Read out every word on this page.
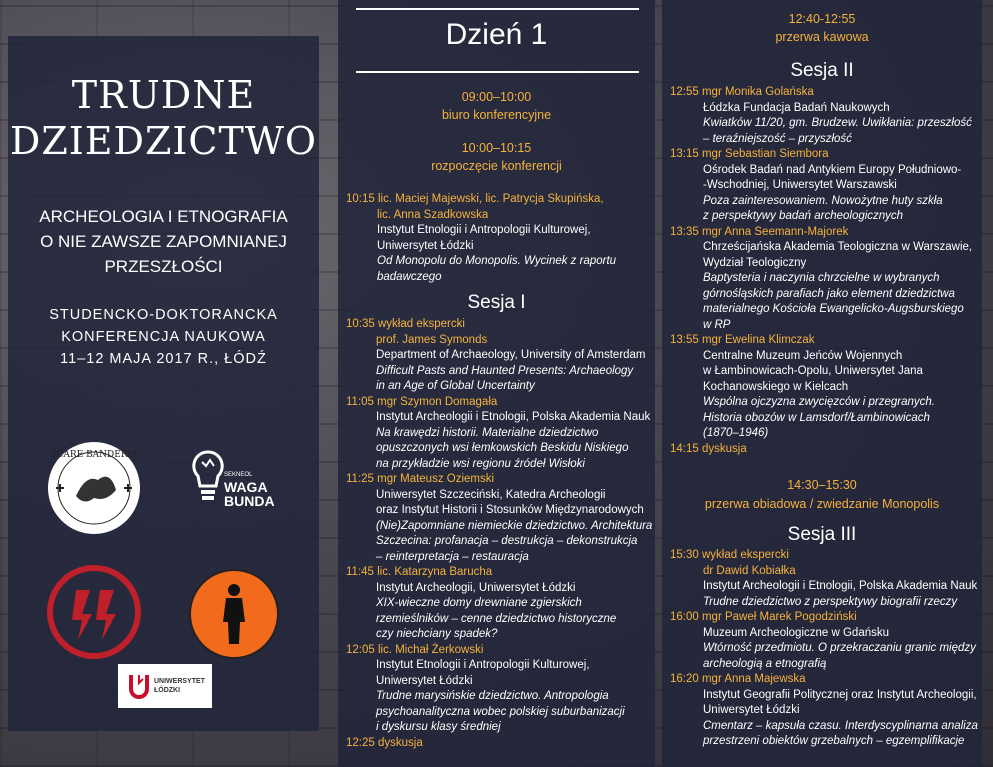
TRUDNE
DZIEDZICTWO
ARCHEOLOGIA I ETNOGRAFIA
O NIE ZAWSZE ZAPOMNIANEJ
PRZESZŁOŚCI
STUDENCKO-DOKTORANCKA
KONFERENCJA NAUKOWA
11–12 MAJA 2017 R., ŁÓDŹ
SCARE BANDERIA
SEKNEOL
WAGA
BUNDA
UNIWERSYTET
ŁÓDZKI
Dzień 1
09:00–10:00
biuro konferencyjne
10:00–10:15
rozpoczęcie konferencji
10:15 lic. Maciej Majewski, lic. Patrycja Skupińska,
lic. Anna Szadkowska
Instytut Etnologii i Antropologii Kulturowej,
Uniwersytet Łódzki
Od Monopolu do Monopolis. Wycinek z raportu
badawczego
Sesja I
10:35 wykład ekspercki
prof. James Symonds
Department of Archaeology, University of Amsterdam
Difficult Pasts and Haunted Presents: Archaeology
in an Age of Global Uncertainty
11:05 mgr Szymon Domagała
Instytut Archeologii i Etnologii, Polska Akademia Nauk
Na krawędzi historii. Materialne dziedzictwo
opuszczonych wsi łemkowskich Beskidu Niskiego
na przykładzie wsi regionu źródeł Wisłoki
11:25 mgr Mateusz Oziemski
Uniwersytet Szczeciński, Katedra Archeologii
oraz Instytut Historii i Stosunków Międzynarodowych
(Nie)Zapomniane niemieckie dziedzictwo. Architektura
Szczecina: profanacja – destrukcja – dekonstrukcja
– reinterpretacja – restauracja
11:45 lic. Katarzyna Barucha
Instytut Archeologii, Uniwersytet Łódzki
XIX-wieczne domy drewniane zgierskich
rzemieślników – cenne dziedzictwo historyczne
czy niechciany spadek?
12:05 lic. Michał Żerkowski
Instytut Etnologii i Antropologii Kulturowej,
Uniwersytet Łódzki
Trudne marysińskie dziedzictwo. Antropologia
psychoanalityczna wobec polskiej suburbanizacji
i dyskursu klasy średniej
12:25 dyskusja
12:40-12:55
przerwa kawowa
Sesja II
12:55 mgr Monika Golańska
Łódzka Fundacja Badań Naukowych
Kwiatków 11/20, gm. Brudzew. Uwikłania: przeszłość
– teraźniejszość – przyszłość
13:15 mgr Sebastian Siembora
Ośrodek Badań nad Antykiem Europy Południowo-
-Wschodniej, Uniwersytet Warszawski
Poza zainteresowaniem. Nowożytne huty szkła
z perspektywy badań archeologicznych
13:35 mgr Anna Seemann-Majorek
Chrześcijańska Akademia Teologiczna w Warszawie,
Wydział Teologiczny
Baptysteria i naczynia chrzcielne w wybranych
górnośląskich parafiach jako element dziedzictwa
materialnego Kościoła Ewangelicko-Augsburskiego
w RP
13:55 mgr Ewelina Klimczak
Centralne Muzeum Jeńców Wojennych
w Łambinowicach-Opolu, Uniwersytet Jana
Kochanowskiego w Kielcach
Wspólna ojczyzna zwycięzców i przegranych.
Historia obozów w Lamsdorf/Łambinowicach
(1870–1946)
14:15 dyskusja
14:30–15:30
przerwa obiadowa / zwiedzanie Monopolis
Sesja III
15:30 wykład ekspercki
dr Dawid Kobiałka
Instytut Archeologii i Etnologii, Polska Akademia Nauk
Trudne dziedzictwo z perspektywy biografii rzeczy
16:00 mgr Paweł Marek Pogodziński
Muzeum Archeologiczne w Gdańsku
Wtórność przedmiotu. O przekraczaniu granic między
archeologią a etnografią
16:20 mgr Anna Majewska
Instytut Geografii Politycznej oraz Instytut Archeologii,
Uniwersytet Łódzki
Cmentarz – kapsuła czasu. Interdyscyplinarna analiza
przestrzeni obiektów grzebalnych – egzemplifikacje
